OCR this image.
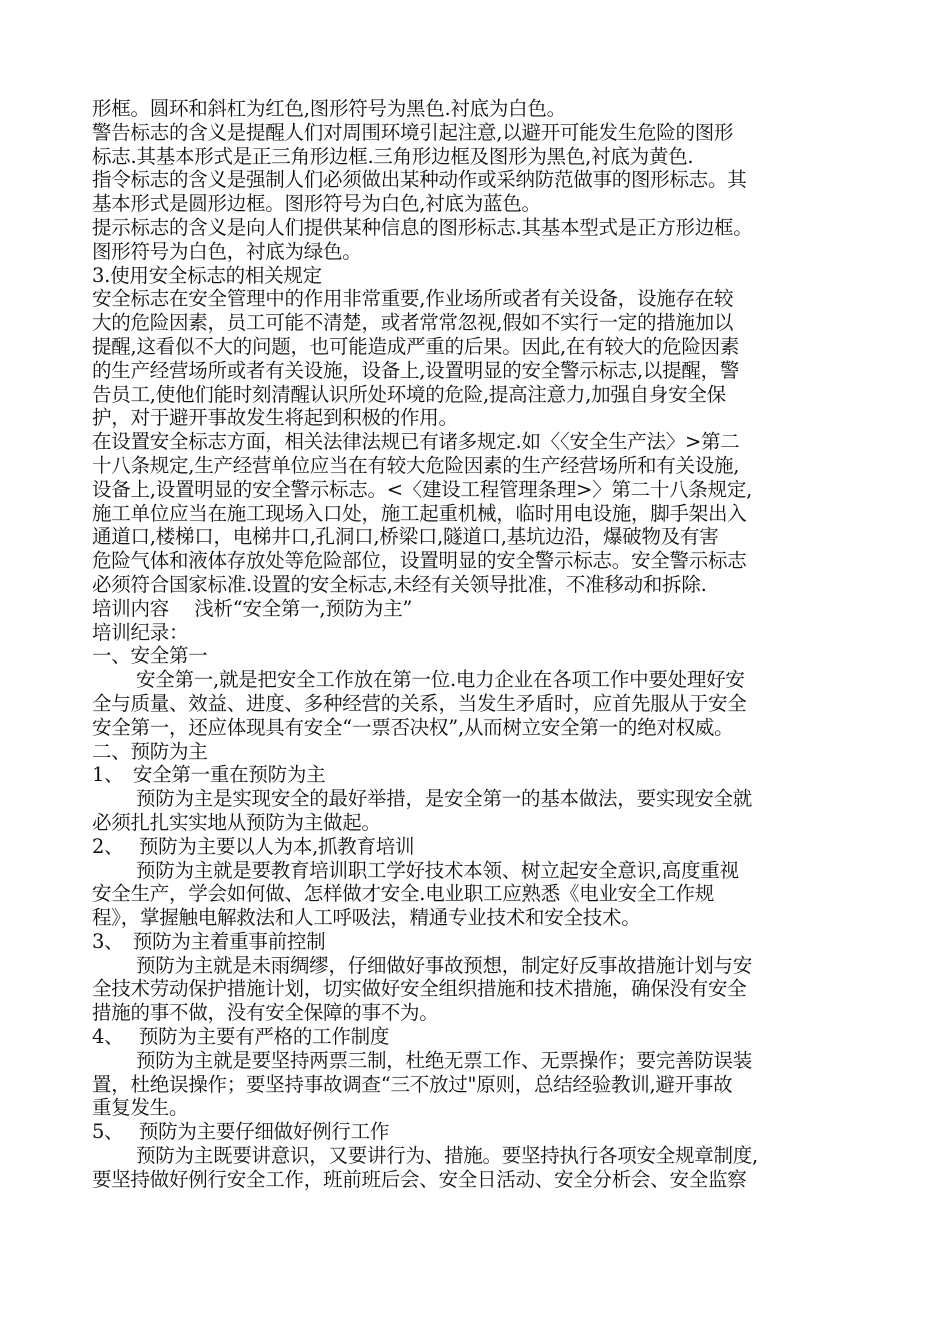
形框。圆环和斜杠为红色,图形符号为黑色.衬底为白色。
警告标志的含义是提醒人们对周围环境引起注意,以避开可能发生危险的图形
标志.其基本形式是正三角形边框.三角形边框及图形为黑色,衬底为黄色.
指令标志的含义是强制人们必须做出某种动作或采纳防范做事的图形标志。其
基本形式是圆形边框。图形符号为白色,衬底为蓝色。
提示标志的含义是向人们提供某种信息的图形标志.其基本型式是正方形边框。
图形符号为白色，衬底为绿色。
3.使用安全标志的相关规定
安全标志在安全管理中的作用非常重要,作业场所或者有关设备，设施存在较
大的危险因素，员工可能不清楚，或者常常忽视,假如不实行一定的措施加以
提醒,这看似不大的问题，也可能造成严重的后果。因此,在有较大的危险因素
的生产经营场所或者有关设施，设备上,设置明显的安全警示标志,以提醒，警
告员工,使他们能时刻清醒认识所处环境的危险,提高注意力,加强自身安全保
护，对于避开事故发生将起到积极的作用。
在设置安全标志方面，相关法律法规已有诸多规定.如〈〈安全生产法〉>第二
十八条规定,生产经营单位应当在有较大危险因素的生产经营场所和有关设施,
设备上,设置明显的安全警示标志。<〈建设工程管理条理>〉第二十八条规定,
施工单位应当在施工现场入口处，施工起重机械，临时用电设施，脚手架出入
通道口,楼梯口，电梯井口,孔洞口,桥梁口,隧道口,基坑边沿，爆破物及有害
危险气体和液体存放处等危险部位，设置明显的安全警示标志。安全警示标志
必须符合国家标准.设置的安全标志,未经有关领导批准，不准移动和拆除.
培训内容　 浅析“安全第一,预防为主”
培训纪录：
一、安全第一
安全第一,就是把安全工作放在第一位.电力企业在各项工作中要处理好安
全与质量、效益、进度、多种经营的关系，当发生矛盾时，应首先服从于安全
安全第一，还应体现具有安全“一票否决权”,从而树立安全第一的绝对权威。
二、预防为主
1、　安全第一重在预防为主
预防为主是实现安全的最好举措，是安全第一的基本做法，要实现安全就
必须扎扎实实地从预防为主做起。
2、　 预防为主要以人为本,抓教育培训
预防为主就是要教育培训职工学好技术本领、树立起安全意识,高度重视
安全生产，学会如何做、怎样做才安全.电业职工应熟悉《电业安全工作规
程》，掌握触电解救法和人工呼吸法，精通专业技术和安全技术。
3、　预防为主着重事前控制
预防为主就是未雨绸缪，仔细做好事故预想，制定好反事故措施计划与安
全技术劳动保护措施计划，切实做好安全组织措施和技术措施，确保没有安全
措施的事不做，没有安全保障的事不为。
4、　 预防为主要有严格的工作制度
预防为主就是要坚持两票三制，杜绝无票工作、无票操作；要完善防误装
置，杜绝误操作；要坚持事故调查“三不放过"原则，总结经验教训,避开事故
重复发生。
5、　 预防为主要仔细做好例行工作
预防为主既要讲意识，又要讲行为、措施。要坚持执行各项安全规章制度,
要坚持做好例行安全工作，班前班后会、安全日活动、安全分析会、安全监察
